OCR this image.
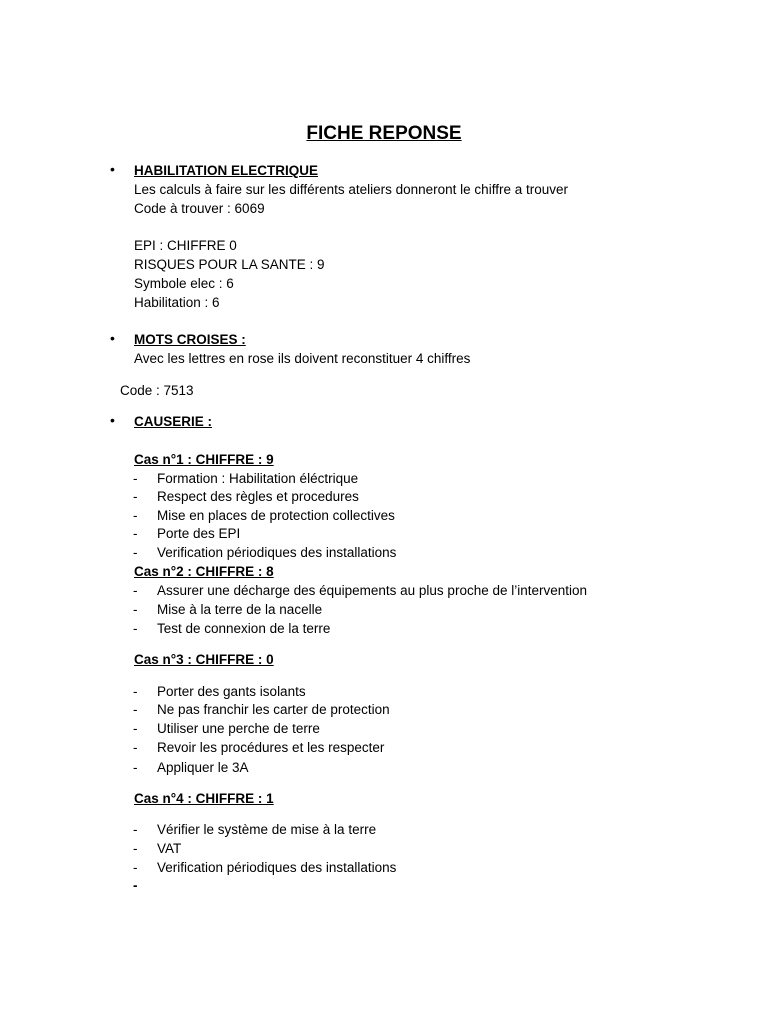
FICHE REPONSE
• HABILITATION ELECTRIQUE
Les calculs à faire sur les différents ateliers donneront le chiffre a trouver
Code à trouver : 6069
EPI : CHIFFRE 0
RISQUES POUR LA SANTE : 9
Symbole elec : 6
Habilitation : 6
• MOTS CROISES :
Avec les lettres en rose ils doivent reconstituer 4 chiffres
Code : 7513
• CAUSERIE :
Cas n°1 : CHIFFRE : 9
- Formation : Habilitation éléctrique
- Respect des règles et procedures
- Mise en places de protection collectives
- Porte des EPI
- Verification périodiques des installations
Cas n°2 : CHIFFRE : 8
- Assurer une décharge des équipements au plus proche de l’intervention
- Mise à la terre de la nacelle
- Test de connexion de la terre
Cas n°3 : CHIFFRE : 0
- Porter des gants isolants
- Ne pas franchir les carter de protection
- Utiliser une perche de terre
- Revoir les procédures et les respecter
- Appliquer le 3A
Cas n°4 : CHIFFRE : 1
- Vérifier le système de mise à la terre
- VAT
- Verification périodiques des installations
-
